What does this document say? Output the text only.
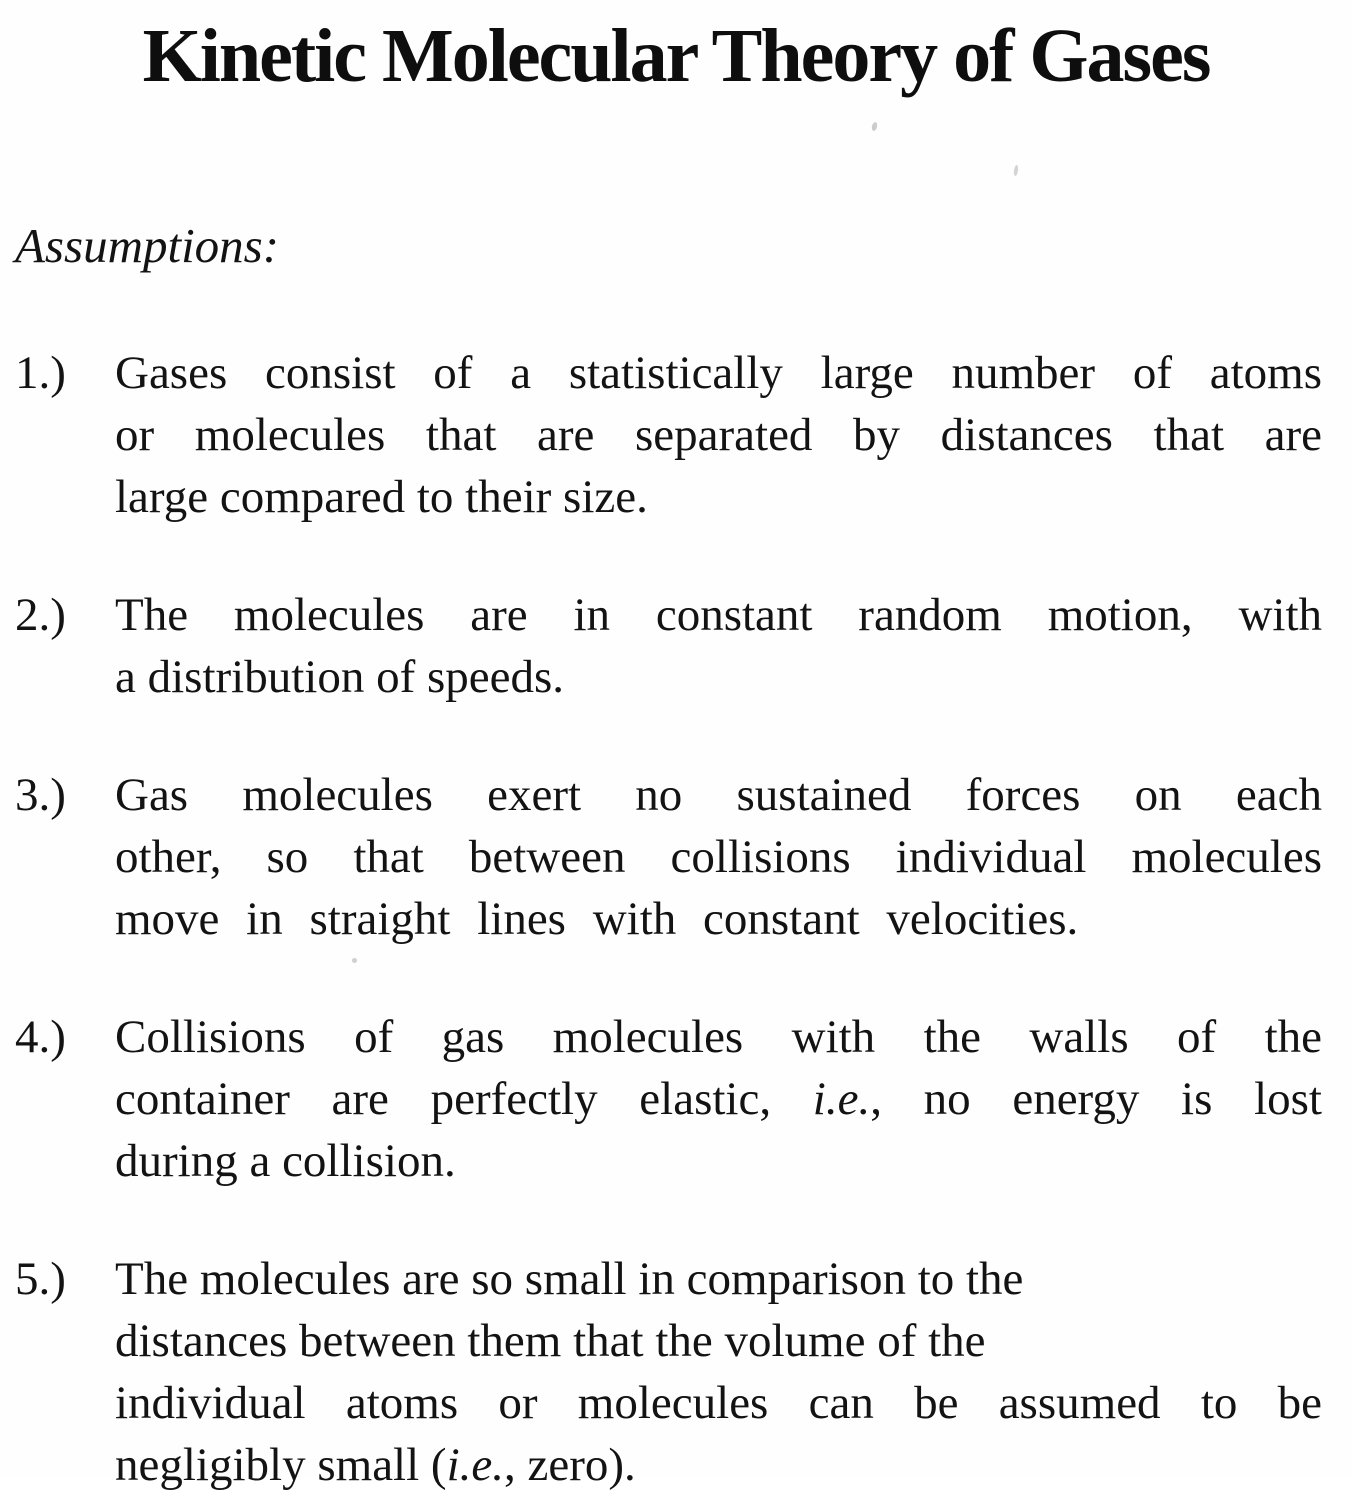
Kinetic Molecular Theory of Gases
Assumptions:
1.)	Gases consist of a statistically large number of atoms
or molecules that are separated by distances that are
large compared to their size.
2.)	The molecules are in constant random motion, with
a distribution of speeds.
3.)	Gas molecules exert no sustained forces on each
other, so that between collisions individual molecules
move in straight lines with constant velocities.
4.)	Collisions of gas molecules with the walls of the
container are perfectly elastic, i.e., no energy is lost
during a collision.
5.)	The molecules are so small in comparison to the
distances between them that the volume of the
individual atoms or molecules can be assumed to be
negligibly small (i.e., zero).
